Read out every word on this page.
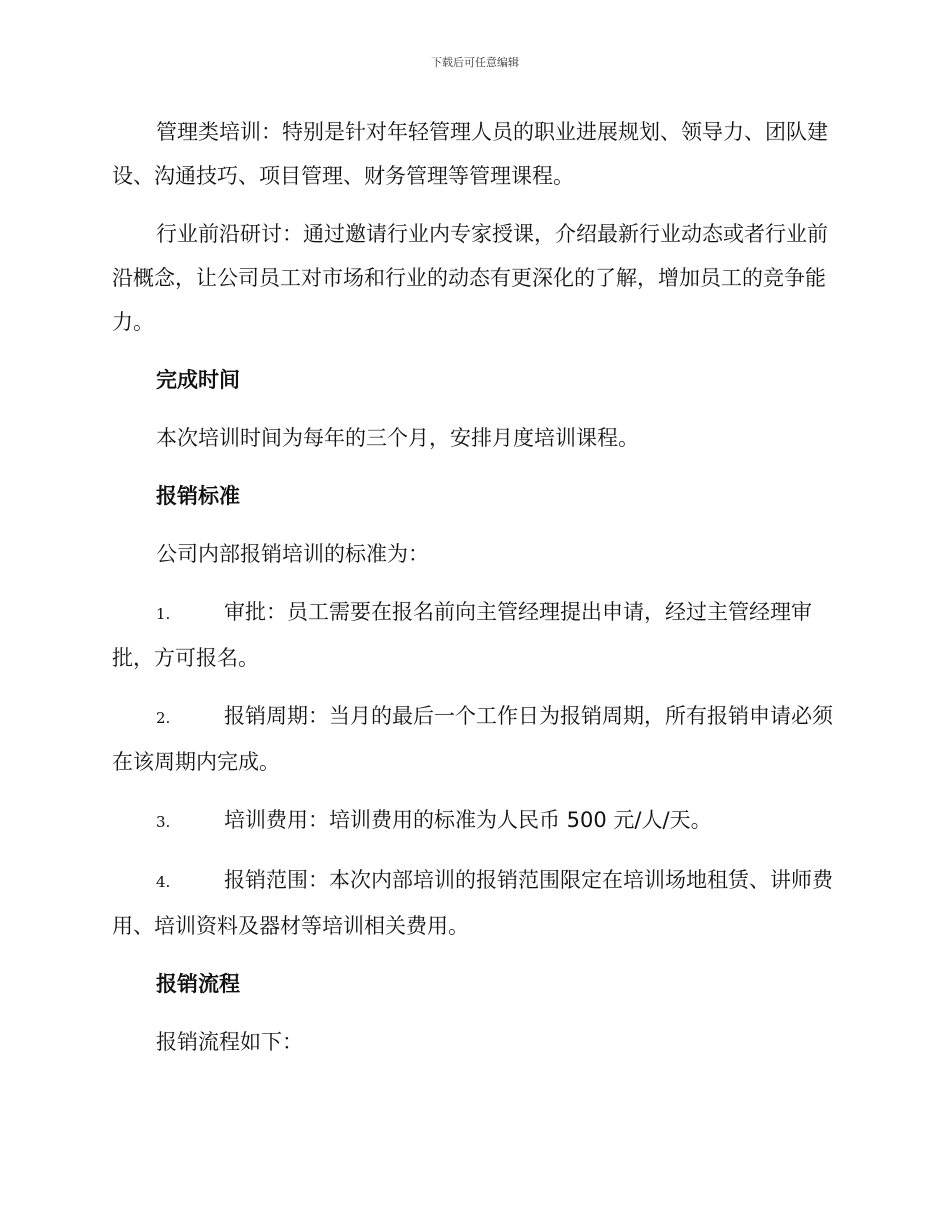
下载后可任意编辑

管理类培训：特别是针对年轻管理人员的职业进展规划、领导力、团队建设、沟通技巧、项目管理、财务管理等管理课程。

行业前沿研讨：通过邀请行业内专家授课，介绍最新行业动态或者行业前沿概念，让公司员工对市场和行业的动态有更深化的了解，增加员工的竞争能力。

完成时间

本次培训时间为每年的三个月，安排月度培训课程。

报销标准

公司内部报销培训的标准为：

1.	审批：员工需要在报名前向主管经理提出申请，经过主管经理审批，方可报名。
2.	报销周期：当月的最后一个工作日为报销周期，所有报销申请必须在该周期内完成。
3.	培训费用：培训费用的标准为人民币 500 元/人/天。
4.	报销范围：本次内部培训的报销范围限定在培训场地租赁、讲师费用、培训资料及器材等培训相关费用。
报销流程

报销流程如下：
